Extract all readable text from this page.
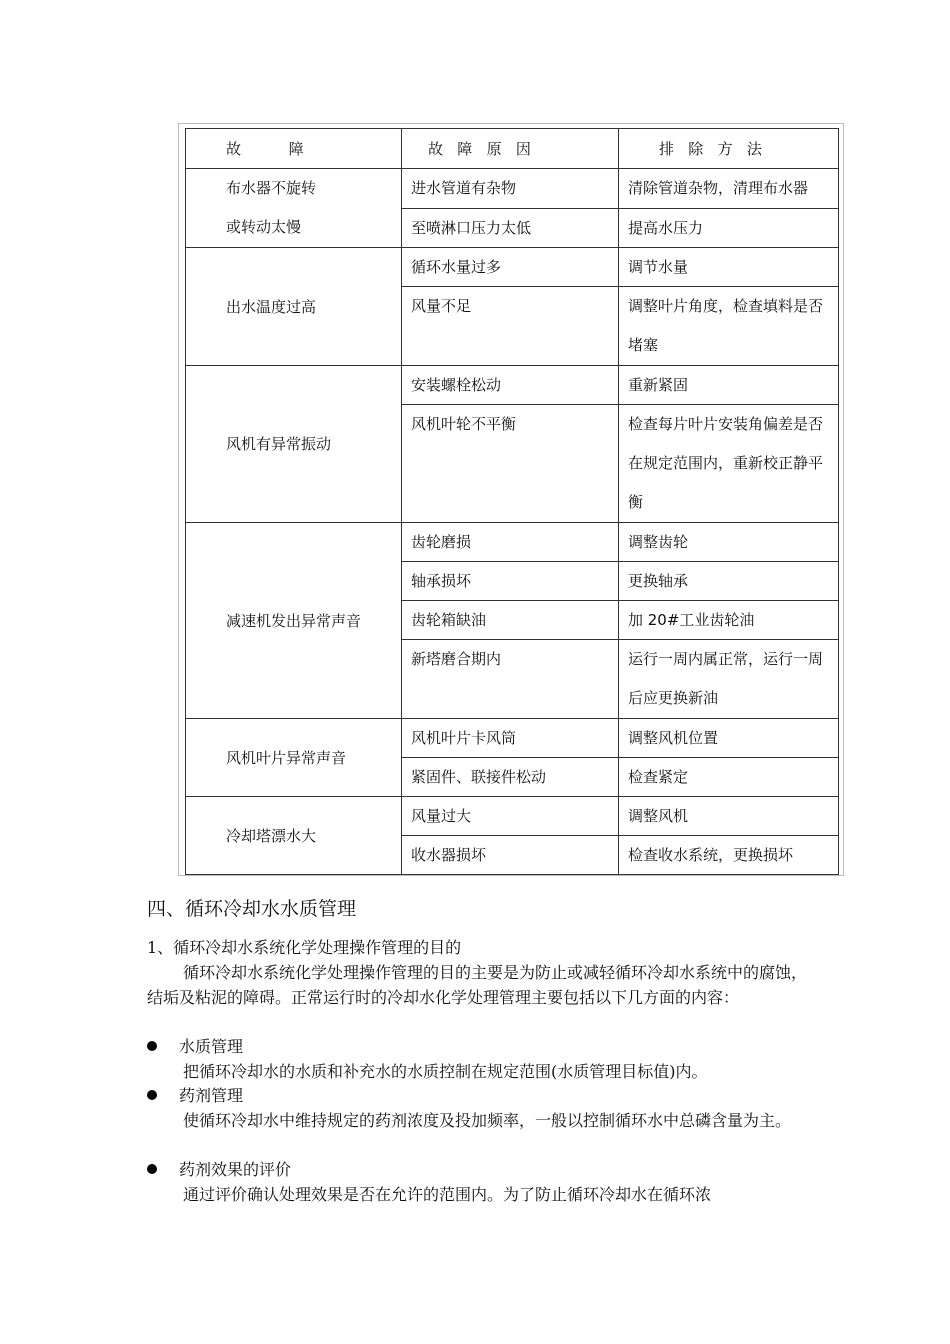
故          障	故   障   原   因	排   除   方   法

布水器不旋转
或转动太慢	进水管道有杂物	清除管道杂物，清理布水器
	至喷淋口压力太低	提高水压力
出水温度过高	循环水量过多	调节水量
	风量不足	调整叶片角度，检查填料是否堵塞
风机有异常振动	安装螺栓松动	重新紧固
	风机叶轮不平衡	检查每片叶片安装角偏差是否在规定范围内，重新校正静平衡
减速机发出异常声音	齿轮磨损	调整齿轮
	轴承损坏	更换轴承
	齿轮箱缺油	加 20#工业齿轮油
	新塔磨合期内	运行一周内属正常，运行一周后应更换新油
风机叶片异常声音	风机叶片卡风筒	调整风机位置
	紧固件、联接件松动	检查紧定
冷却塔漂水大	风量过大	调整风机
	收水器损坏	检查收水系统，更换损坏
四、循环冷却水水质管理
1、循环冷却水系统化学处理操作管理的目的
循环冷却水系统化学处理操作管理的目的主要是为防止或减轻循环冷却水系统中的腐蚀，结垢及粘泥的障碍。正常运行时的冷却水化学处理管理主要包括以下几方面的内容：
水质管理
把循环冷却水的水质和补充水的水质控制在规定范围(水质管理目标值)内。
药剂管理
使循环冷却水中维持规定的药剂浓度及投加频率，一般以控制循环水中总磷含量为主。
药剂效果的评价
通过评价确认处理效果是否在允许的范围内。为了防止循环冷却水在循环浓
